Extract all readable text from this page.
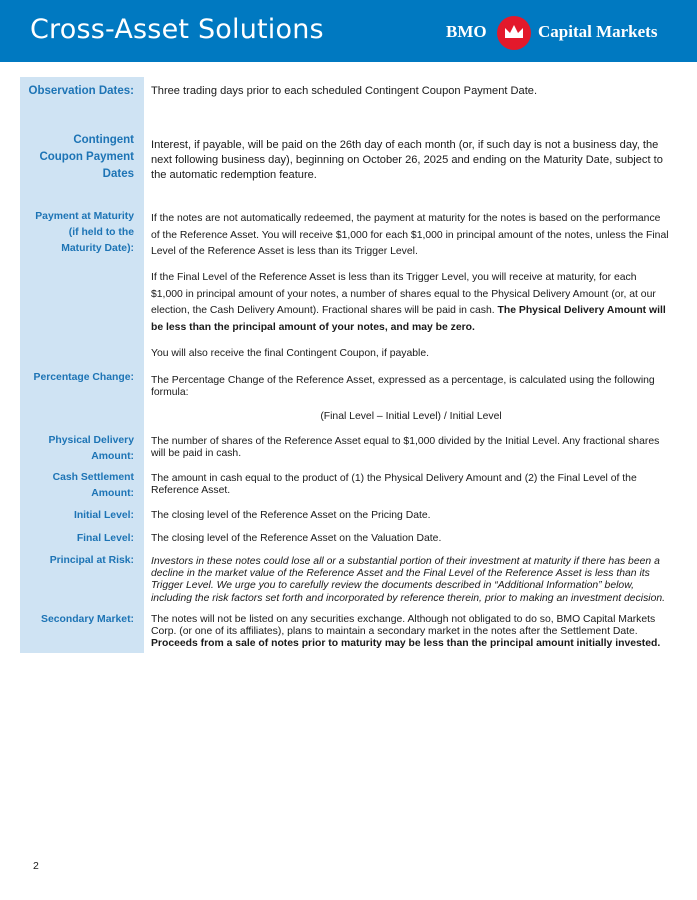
Cross-Asset Solutions	BMO	Capital Markets
Observation Dates: Three trading days prior to each scheduled Contingent Coupon Payment Date.
Contingent
Coupon Payment
Dates
Interest, if payable, will be paid on the 26th day of each month (or, if such day is not a business day, the next following business day), beginning on October 26, 2025 and ending on the Maturity Date, subject to the automatic redemption feature.
Payment at Maturity
(if held to the
Maturity Date):
If the notes are not automatically redeemed, the payment at maturity for the notes is based on the performance of the Reference Asset. You will receive $1,000 for each $1,000 in principal amount of the notes, unless the Final Level of the Reference Asset is less than its Trigger Level.
If the Final Level of the Reference Asset is less than its Trigger Level, you will receive at maturity, for each $1,000 in principal amount of your notes, a number of shares equal to the Physical Delivery Amount (or, at our election, the Cash Delivery Amount). Fractional shares will be paid in cash. The Physical Delivery Amount will be less than the principal amount of your notes, and may be zero.
You will also receive the final Contingent Coupon, if payable.
Percentage Change: The Percentage Change of the Reference Asset, expressed as a percentage, is calculated using the following formula:
(Final Level – Initial Level) / Initial Level
Physical Delivery
Amount:
The number of shares of the Reference Asset equal to $1,000 divided by the Initial Level. Any fractional shares will be paid in cash.
Cash Settlement
Amount:
The amount in cash equal to the product of (1) the Physical Delivery Amount and (2) the Final Level of the Reference Asset.
Initial Level: The closing level of the Reference Asset on the Pricing Date.
Final Level: The closing level of the Reference Asset on the Valuation Date.
Principal at Risk: Investors in these notes could lose all or a substantial portion of their investment at maturity if there has been a decline in the market value of the Reference Asset and the Final Level of the Reference Asset is less than its Trigger Level. We urge you to carefully review the documents described in “Additional Information” below, including the risk factors set forth and incorporated by reference therein, prior to making an investment decision.
Secondary Market: The notes will not be listed on any securities exchange. Although not obligated to do so, BMO Capital Markets Corp. (or one of its affiliates), plans to maintain a secondary market in the notes after the Settlement Date. Proceeds from a sale of notes prior to maturity may be less than the principal amount initially invested.
2
